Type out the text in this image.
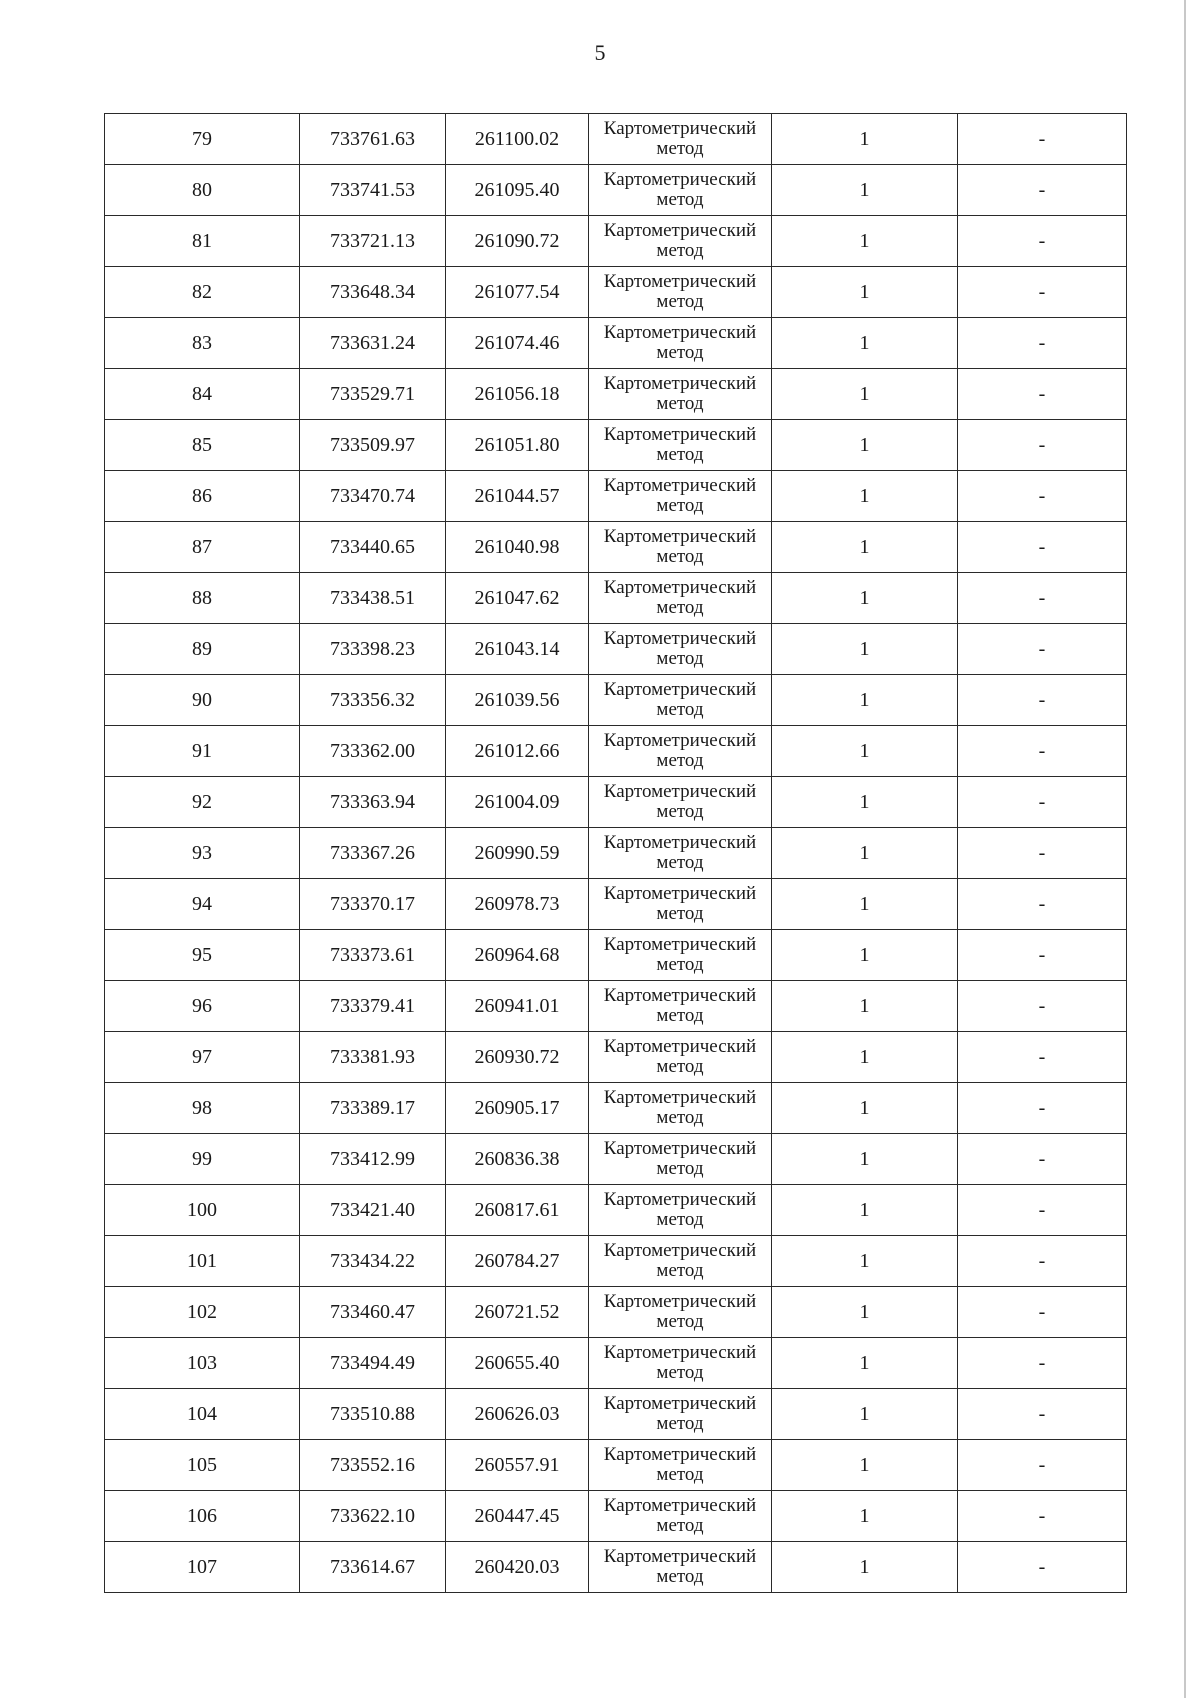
5
79	733761.63	261100.02	Картометрический метод	1	-
80	733741.53	261095.40	Картометрический метод	1	-
81	733721.13	261090.72	Картометрический метод	1	-
82	733648.34	261077.54	Картометрический метод	1	-
83	733631.24	261074.46	Картометрический метод	1	-
84	733529.71	261056.18	Картометрический метод	1	-
85	733509.97	261051.80	Картометрический метод	1	-
86	733470.74	261044.57	Картометрический метод	1	-
87	733440.65	261040.98	Картометрический метод	1	-
88	733438.51	261047.62	Картометрический метод	1	-
89	733398.23	261043.14	Картометрический метод	1	-
90	733356.32	261039.56	Картометрический метод	1	-
91	733362.00	261012.66	Картометрический метод	1	-
92	733363.94	261004.09	Картометрический метод	1	-
93	733367.26	260990.59	Картометрический метод	1	-
94	733370.17	260978.73	Картометрический метод	1	-
95	733373.61	260964.68	Картометрический метод	1	-
96	733379.41	260941.01	Картометрический метод	1	-
97	733381.93	260930.72	Картометрический метод	1	-
98	733389.17	260905.17	Картометрический метод	1	-
99	733412.99	260836.38	Картометрический метод	1	-
100	733421.40	260817.61	Картометрический метод	1	-
101	733434.22	260784.27	Картометрический метод	1	-
102	733460.47	260721.52	Картометрический метод	1	-
103	733494.49	260655.40	Картометрический метод	1	-
104	733510.88	260626.03	Картометрический метод	1	-
105	733552.16	260557.91	Картометрический метод	1	-
106	733622.10	260447.45	Картометрический метод	1	-
107	733614.67	260420.03	Картометрический метод	1	-
